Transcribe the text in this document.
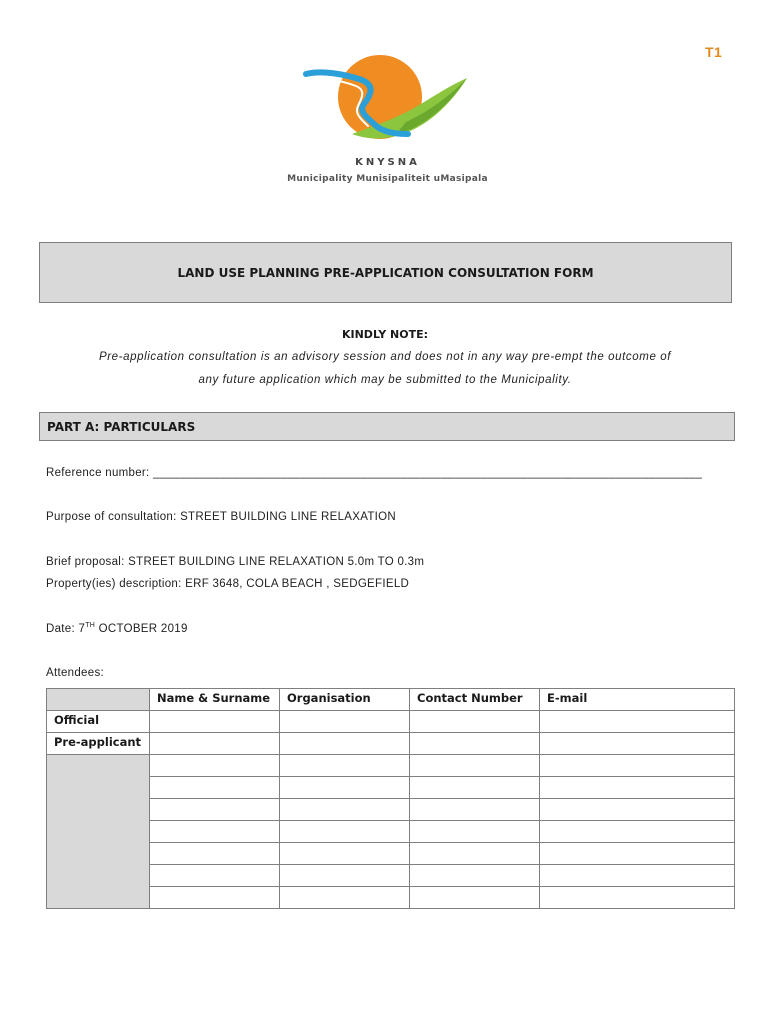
T1
KNYSNA
Municipality Munisipaliteit uMasipala
LAND USE PLANNING PRE-APPLICATION CONSULTATION FORM
KINDLY NOTE:
Pre-application consultation is an advisory session and does not in any way pre-empt the outcome of
any future application which may be submitted to the Municipality.
PART A: PARTICULARS
Reference number: __________________________________________________________________________________
Purpose of consultation: STREET BUILDING LINE RELAXATION
Brief proposal: STREET BUILDING LINE RELAXATION 5.0m TO 0.3m
Property(ies) description: ERF 3648, COLA BEACH , SEDGEFIELD
Date: 7TH OCTOBER 2019
Attendees:
	Name & Surname	Organisation	Contact Number	E-mail
Official				
Pre-applicant				
